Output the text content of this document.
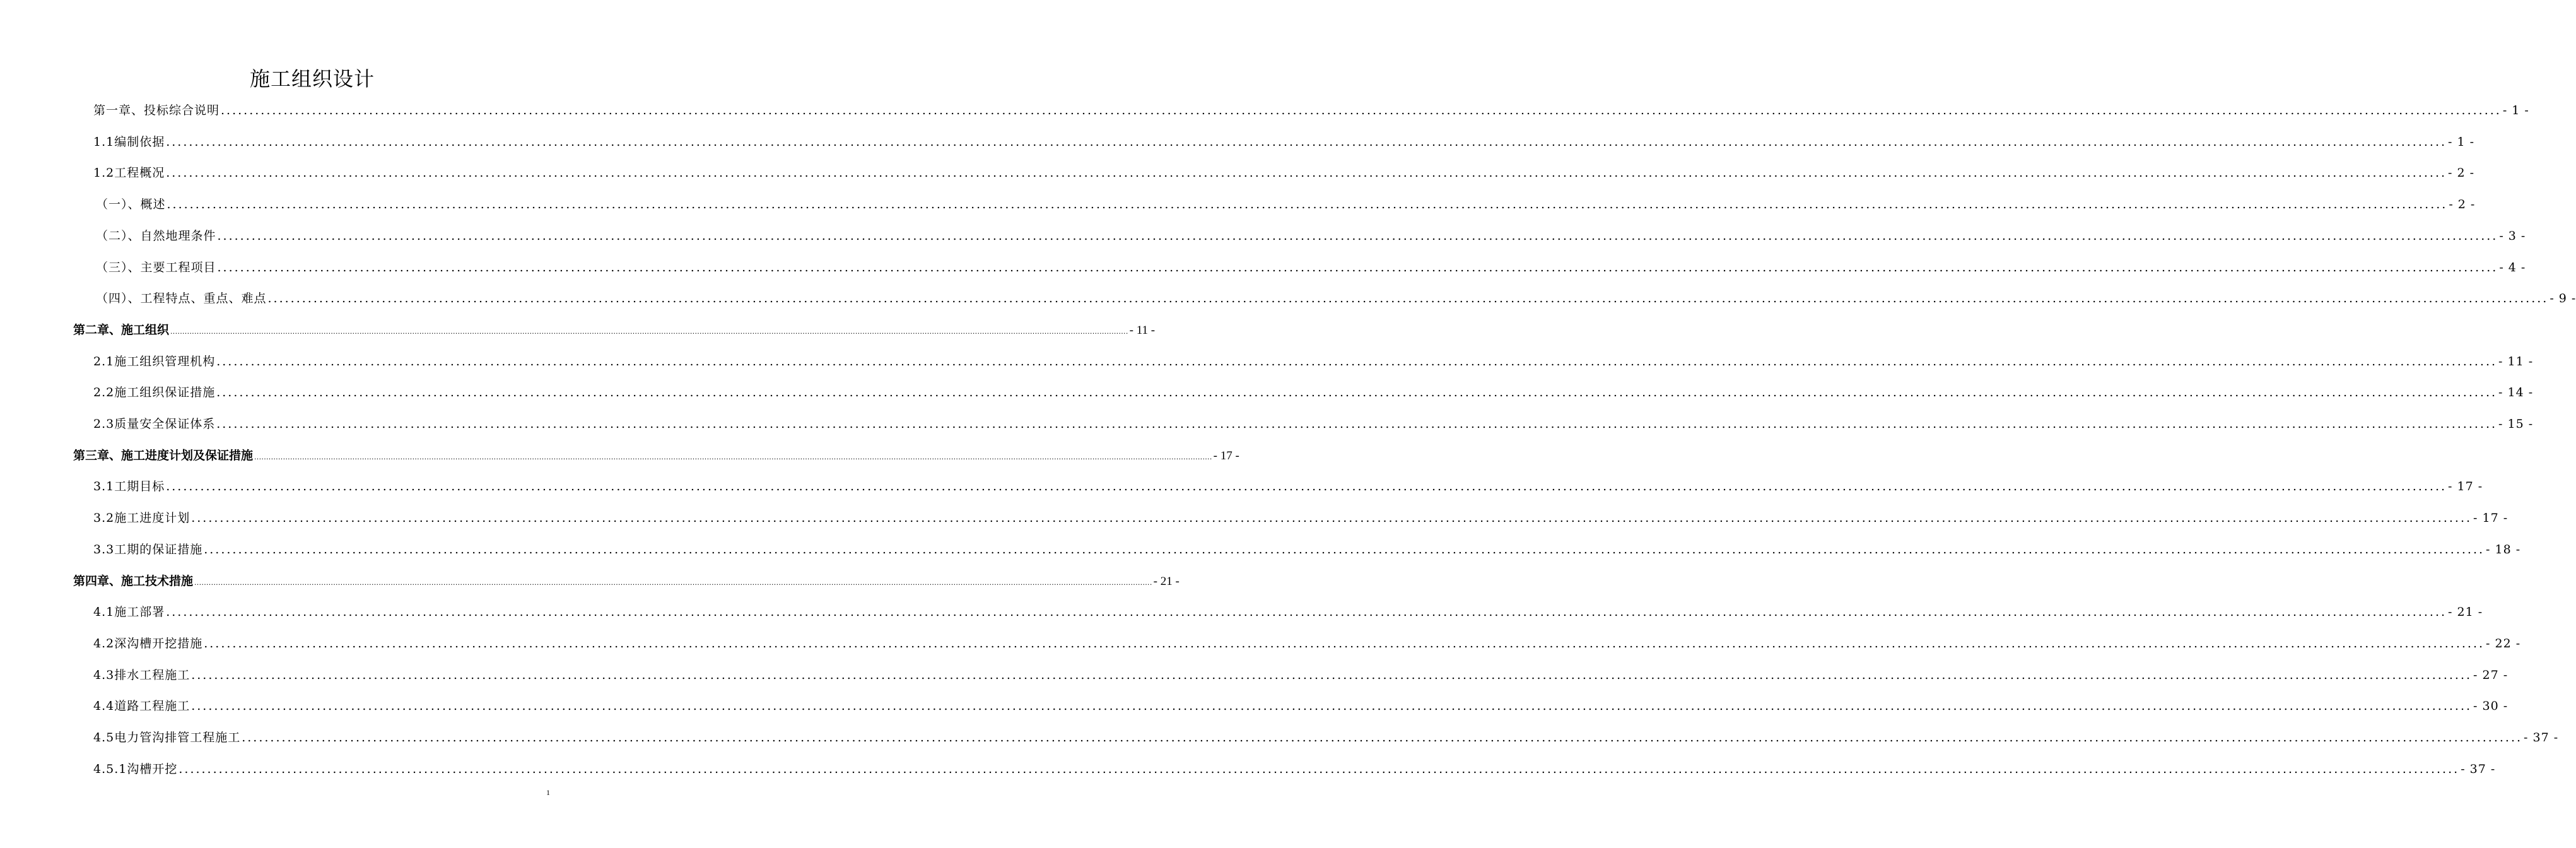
施工组织设计
第一章、投标综合说明 ................................................................................................................................................................................................................................................................................................................................................................................................................ - 1 -
1.1编制依据 ................................................................................................................................................................................................................................................................................................................................................................................................................ - 1 -
1.2工程概况 ................................................................................................................................................................................................................................................................................................................................................................................................................ - 2 -
（一）、概述 ................................................................................................................................................................................................................................................................................................................................................................................................................ - 2 -
（二）、自然地理条件 ................................................................................................................................................................................................................................................................................................................................................................................................................ - 3 -
（三）、主要工程项目 ................................................................................................................................................................................................................................................................................................................................................................................................................ - 4 -
（四）、工程特点、重点、难点 ................................................................................................................................................................................................................................................................................................................................................................................................................ - 9 -
第二章、施工组织 ................................................................................................................................................................................................................................................................................................................................................................................................................ - 11 -
2.1施工组织管理机构 ................................................................................................................................................................................................................................................................................................................................................................................................................ - 11 -
2.2施工组织保证措施 ................................................................................................................................................................................................................................................................................................................................................................................................................ - 14 -
2.3质量安全保证体系 ................................................................................................................................................................................................................................................................................................................................................................................................................ - 15 -
第三章、施工进度计划及保证措施 ................................................................................................................................................................................................................................................................................................................................................................................................................ - 17 -
3.1工期目标 ................................................................................................................................................................................................................................................................................................................................................................................................................ - 17 -
3.2施工进度计划 ................................................................................................................................................................................................................................................................................................................................................................................................................ - 17 -
3.3工期的保证措施 ................................................................................................................................................................................................................................................................................................................................................................................................................ - 18 -
第四章、施工技术措施 ................................................................................................................................................................................................................................................................................................................................................................................................................ - 21 -
4.1施工部署 ................................................................................................................................................................................................................................................................................................................................................................................................................ - 21 -
4.2深沟槽开挖措施 ................................................................................................................................................................................................................................................................................................................................................................................................................ - 22 -
4.3排水工程施工 ................................................................................................................................................................................................................................................................................................................................................................................................................ - 27 -
4.4道路工程施工 ................................................................................................................................................................................................................................................................................................................................................................................................................ - 30 -
4.5电力管沟排管工程施工 ................................................................................................................................................................................................................................................................................................................................................................................................................ - 37 -
4.5.1沟槽开挖 ................................................................................................................................................................................................................................................................................................................................................................................................................ - 37 -
1
